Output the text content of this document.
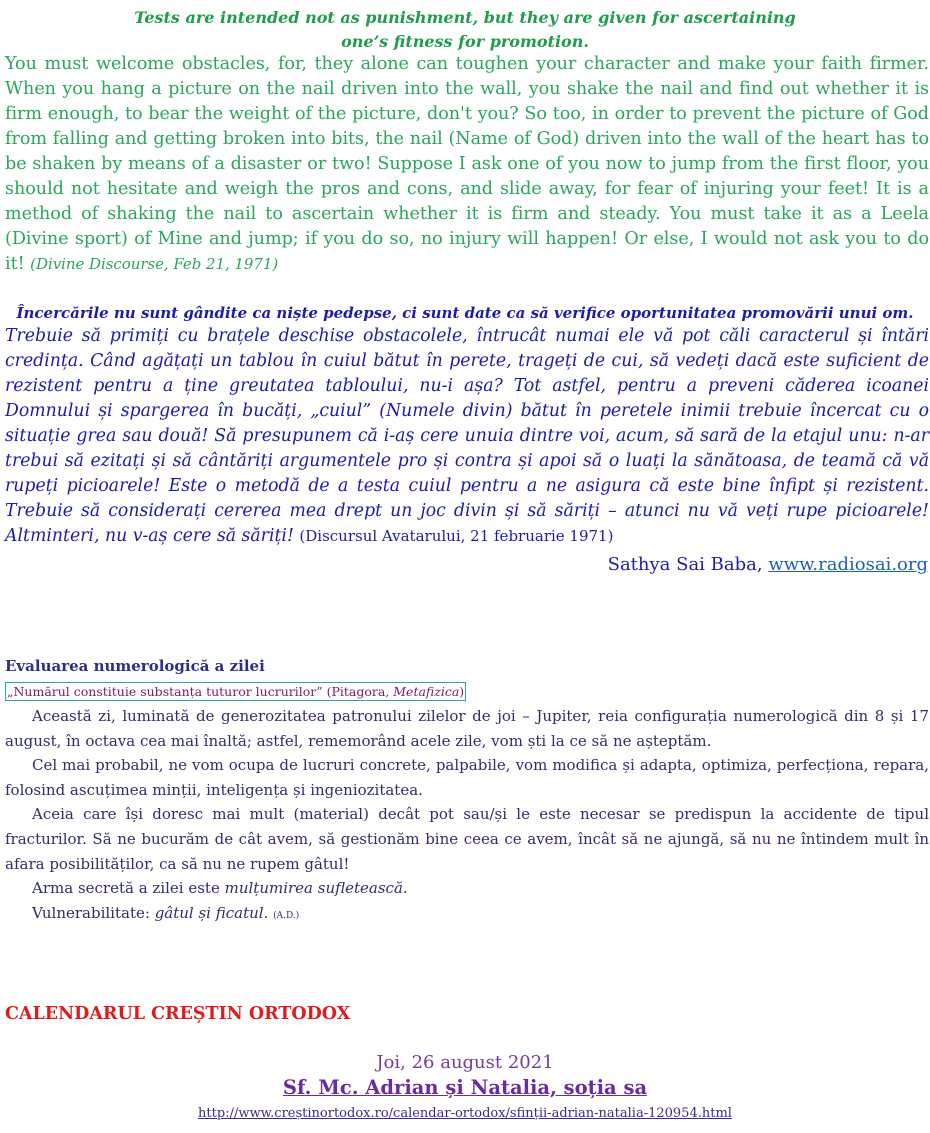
Tests are intended not as punishment, but they are given for ascertaining
one’s fitness for promotion.
You must welcome obstacles, for, they alone can toughen your character and make your faith firmer. When you hang a picture on the nail driven into the wall, you shake the nail and find out whether it is firm enough, to bear the weight of the picture, don't you? So too, in order to prevent the picture of God from falling and getting broken into bits, the nail (Name of God) driven into the wall of the heart has to be shaken by means of a disaster or two! Suppose I ask one of you now to jump from the first floor, you should not hesitate and weigh the pros and cons, and slide away, for fear of injuring your feet! It is a method of shaking the nail to ascertain whether it is firm and steady. You must take it as a Leela (Divine sport) of Mine and jump; if you do so, no injury will happen! Or else, I would not ask you to do it! (Divine Discourse, Feb 21, 1971)
Încercările nu sunt gândite ca niște pedepse, ci sunt date ca să verifice oportunitatea promovării unui om.
Trebuie să primiți cu brațele deschise obstacolele, întrucât numai ele vă pot căli caracterul și întări credința. Când agățați un tablou în cuiul bătut în perete, trageți de cui, să vedeți dacă este suficient de rezistent pentru a ține greutatea tabloului, nu-i așa? Tot astfel, pentru a preveni căderea icoanei Domnului și spargerea în bucăți, „cuiul” (Numele divin) bătut în peretele inimii trebuie încercat cu o situație grea sau două! Să presupunem că i-aș cere unuia dintre voi, acum, să sară de la etajul unu: n-ar trebui să ezitați și să cântăriți argumentele pro și contra și apoi să o luați la sănătoasa, de teamă că vă rupeți picioarele! Este o metodă de a testa cuiul pentru a ne asigura că este bine înfipt și rezistent. Trebuie să considerați cererea mea drept un joc divin și să săriți – atunci nu vă veți rupe picioarele! Altminteri, nu v-aș cere să săriți! (Discursul Avatarului, 21 februarie 1971)
Sathya Sai Baba, www.radiosai.org
Evaluarea numerologică a zilei
„Numărul constituie substanța tuturor lucrurilor” (Pitagora, Metafizica)

Această zi, luminată de generozitatea patronului zilelor de joi – Jupiter, reia configurația numerologică din 8 și 17 august, în octava cea mai înaltă; astfel, rememorând acele zile, vom ști la ce să ne așteptăm.

Cel mai probabil, ne vom ocupa de lucruri concrete, palpabile, vom modifica și adapta, optimiza, perfecționa, repara, folosind ascuțimea minții, inteligența și ingeniozitatea.

Aceia care își doresc mai mult (material) decât pot sau/și le este necesar se predispun la accidente de tipul fracturilor. Să ne bucurăm de cât avem, să gestionăm bine ceea ce avem, încât să ne ajungă, să nu ne întindem mult în afara posibilităților, ca să nu ne rupem gâtul!

Arma secretă a zilei este mulțumirea sufletească.

Vulnerabilitate: gâtul și ficatul. (A.D.)

CALENDARUL CREȘTIN ORTODOX
Joi, 26 august 2021
Sf. Mc. Adrian și Natalia, soția sa
http://www.creștinortodox.ro/calendar-ortodox/sfinții-adrian-natalia-120954.html
